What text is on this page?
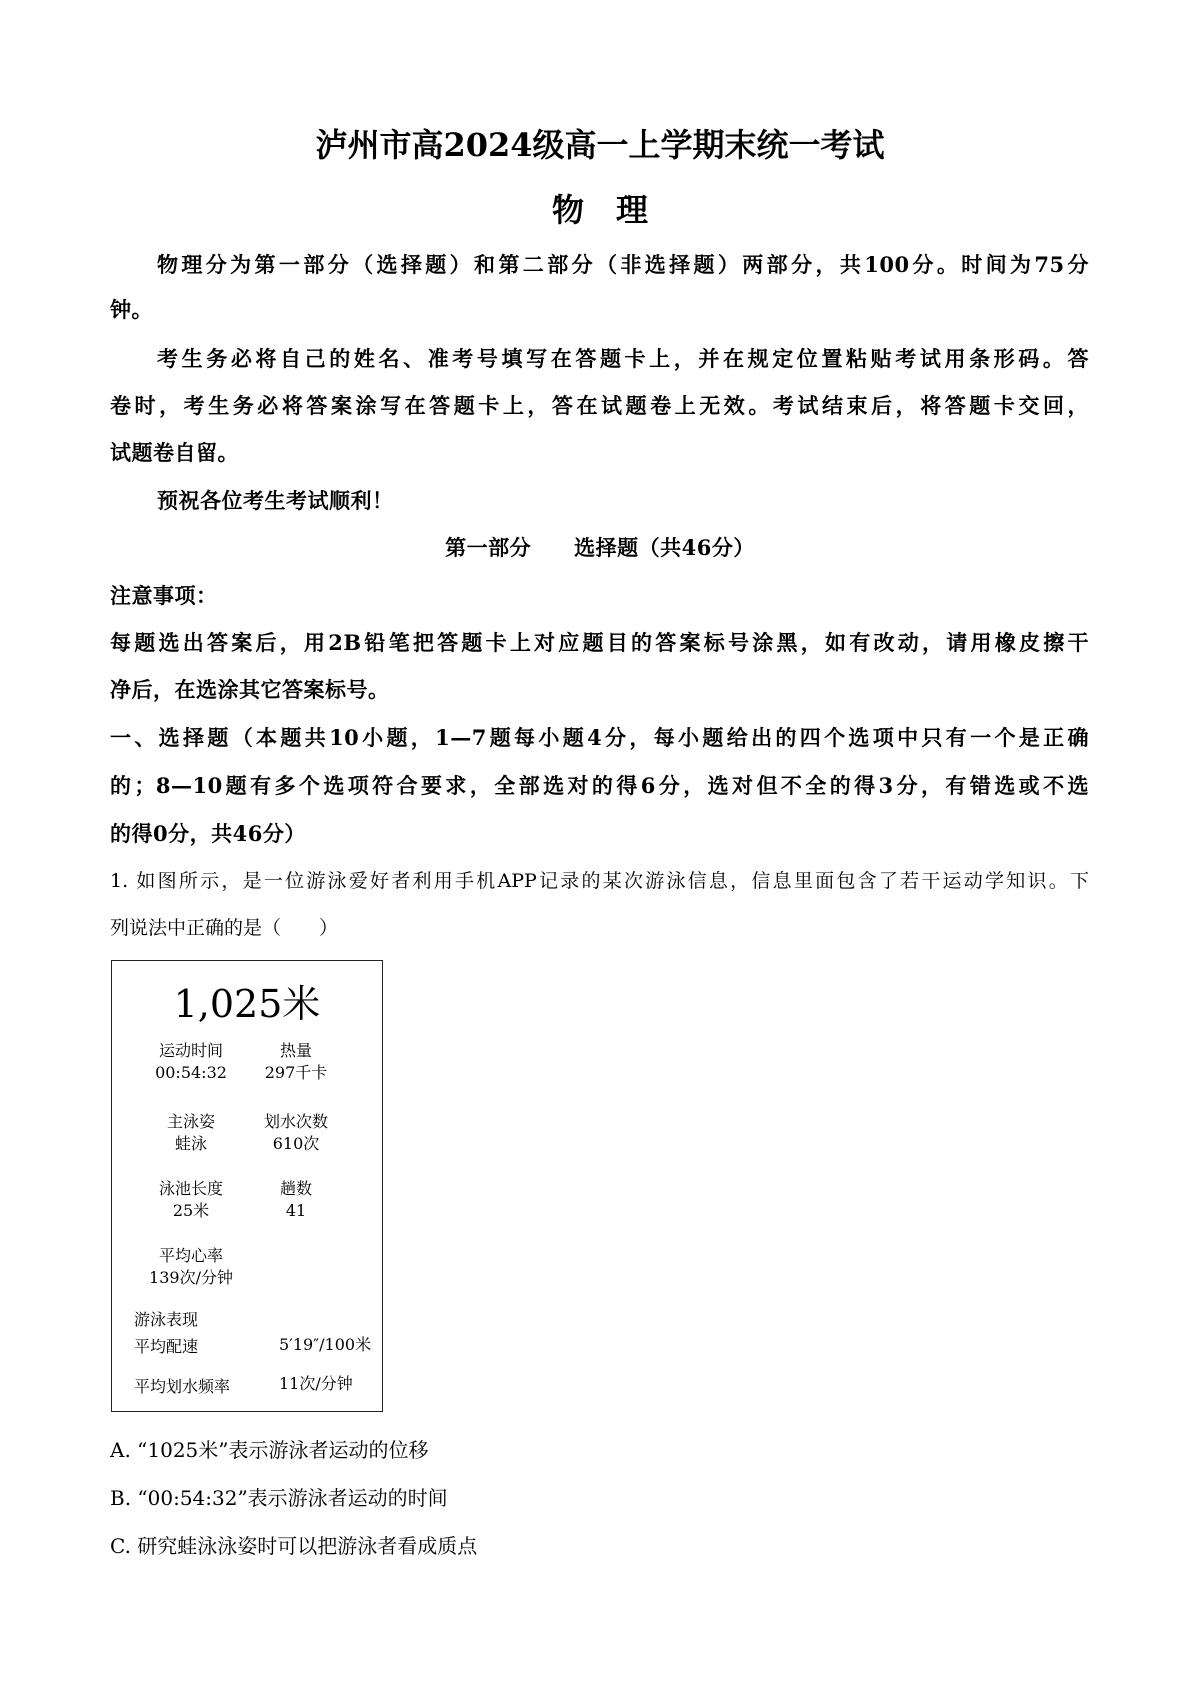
泸州市高2024级高一上学期末统一考试
物　理
物理分为第一部分（选择题）和第二部分（非选择题）两部分，共100分。时间为75分
钟。
考生务必将自己的姓名、准考号填写在答题卡上，并在规定位置粘贴考试用条形码。答
卷时，考生务必将答案涂写在答题卡上，答在试题卷上无效。考试结束后，将答题卡交回，
试题卷自留。
预祝各位考生考试顺利！
第一部分　　选择题（共46分）
注意事项：
每题选出答案后，用2B铅笔把答题卡上对应题目的答案标号涂黑，如有改动，请用橡皮擦干
净后，在选涂其它答案标号。
一、选择题（本题共10小题，1—7题每小题4分，每小题给出的四个选项中只有一个是正确
的；8—10题有多个选项符合要求，全部选对的得6分，选对但不全的得3分，有错选或不选
的得0分，共46分）
1. 如图所示，是一位游泳爱好者利用手机APP记录的某次游泳信息，信息里面包含了若干运动学知识。下
列说法中正确的是（　　）
1,025米
运动时间
00:54:32
热量
297千卡
主泳姿
蛙泳
划水次数
610次
泳池长度
25米
趟数
41
平均心率
139次/分钟
游泳表现
平均配速	5′19″/100米
平均划水频率	11次/分钟
A. “1025米”表示游泳者运动的位移
B. “00:54:32”表示游泳者运动的时间
C. 研究蛙泳泳姿时可以把游泳者看成质点
